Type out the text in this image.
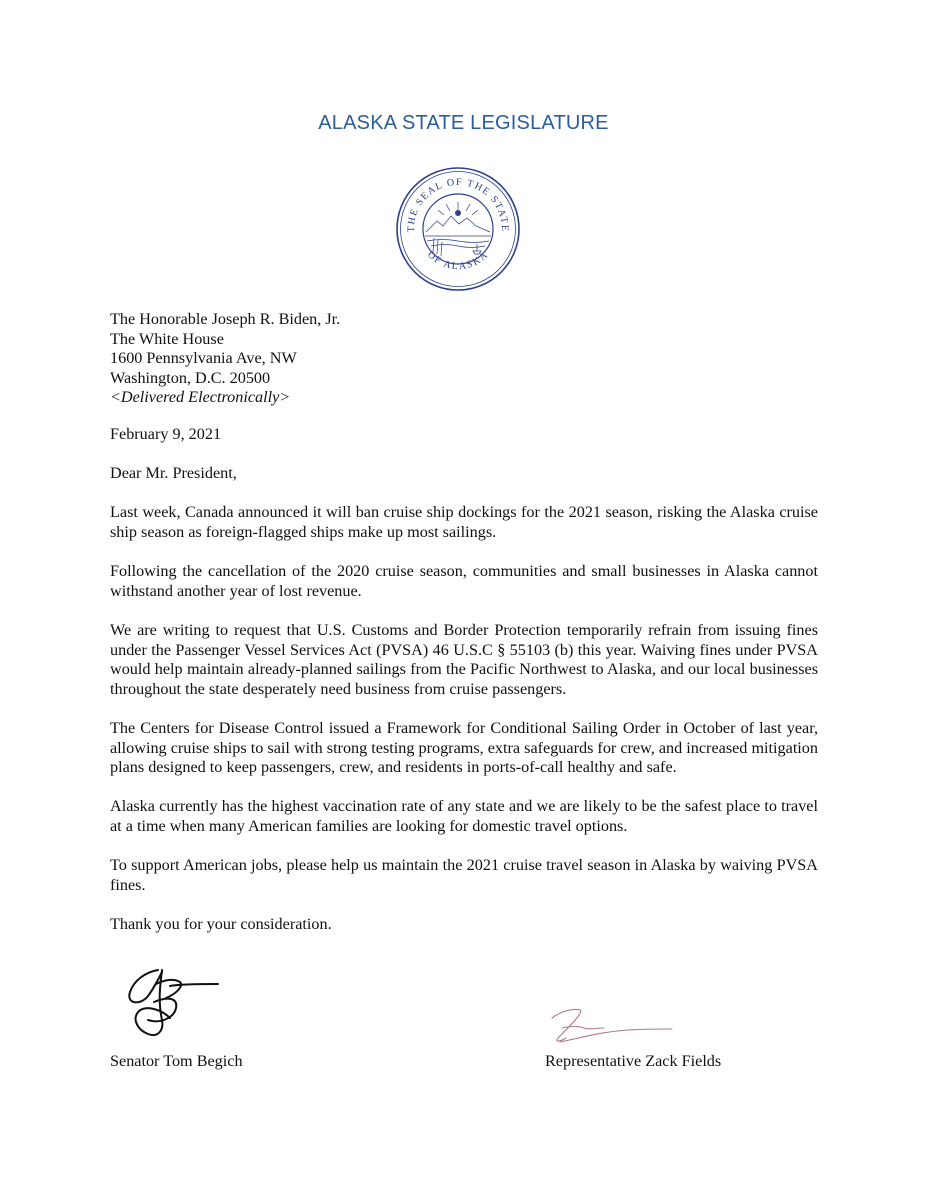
ALASKA STATE LEGISLATURE
THE SEAL OF THE STATE
OF ALASKA
The Honorable Joseph R. Biden, Jr.
The White House
1600 Pennsylvania Ave, NW
Washington, D.C. 20500
<Delivered Electronically>

February 9, 2021

Dear Mr. President,

Last week, Canada announced it will ban cruise ship dockings for the 2021 season, risking the Alaska cruise ship season as foreign-flagged ships make up most sailings.

Following the cancellation of the 2020 cruise season, communities and small businesses in Alaska cannot withstand another year of lost revenue.

We are writing to request that U.S. Customs and Border Protection temporarily refrain from issuing fines under the Passenger Vessel Services Act (PVSA) 46 U.S.C § 55103 (b) this year. Waiving fines under PVSA would help maintain already-planned sailings from the Pacific Northwest to Alaska, and our local businesses throughout the state desperately need business from cruise passengers.

The Centers for Disease Control issued a Framework for Conditional Sailing Order in October of last year, allowing cruise ships to sail with strong testing programs, extra safeguards for crew, and increased mitigation plans designed to keep passengers, crew, and residents in ports-of-call healthy and safe.

Alaska currently has the highest vaccination rate of any state and we are likely to be the safest place to travel at a time when many American families are looking for domestic travel options.

To support American jobs, please help us maintain the 2021 cruise travel season in Alaska by waiving PVSA fines.

Thank you for your consideration.

Senator Tom Begich	Representative Zack Fields
